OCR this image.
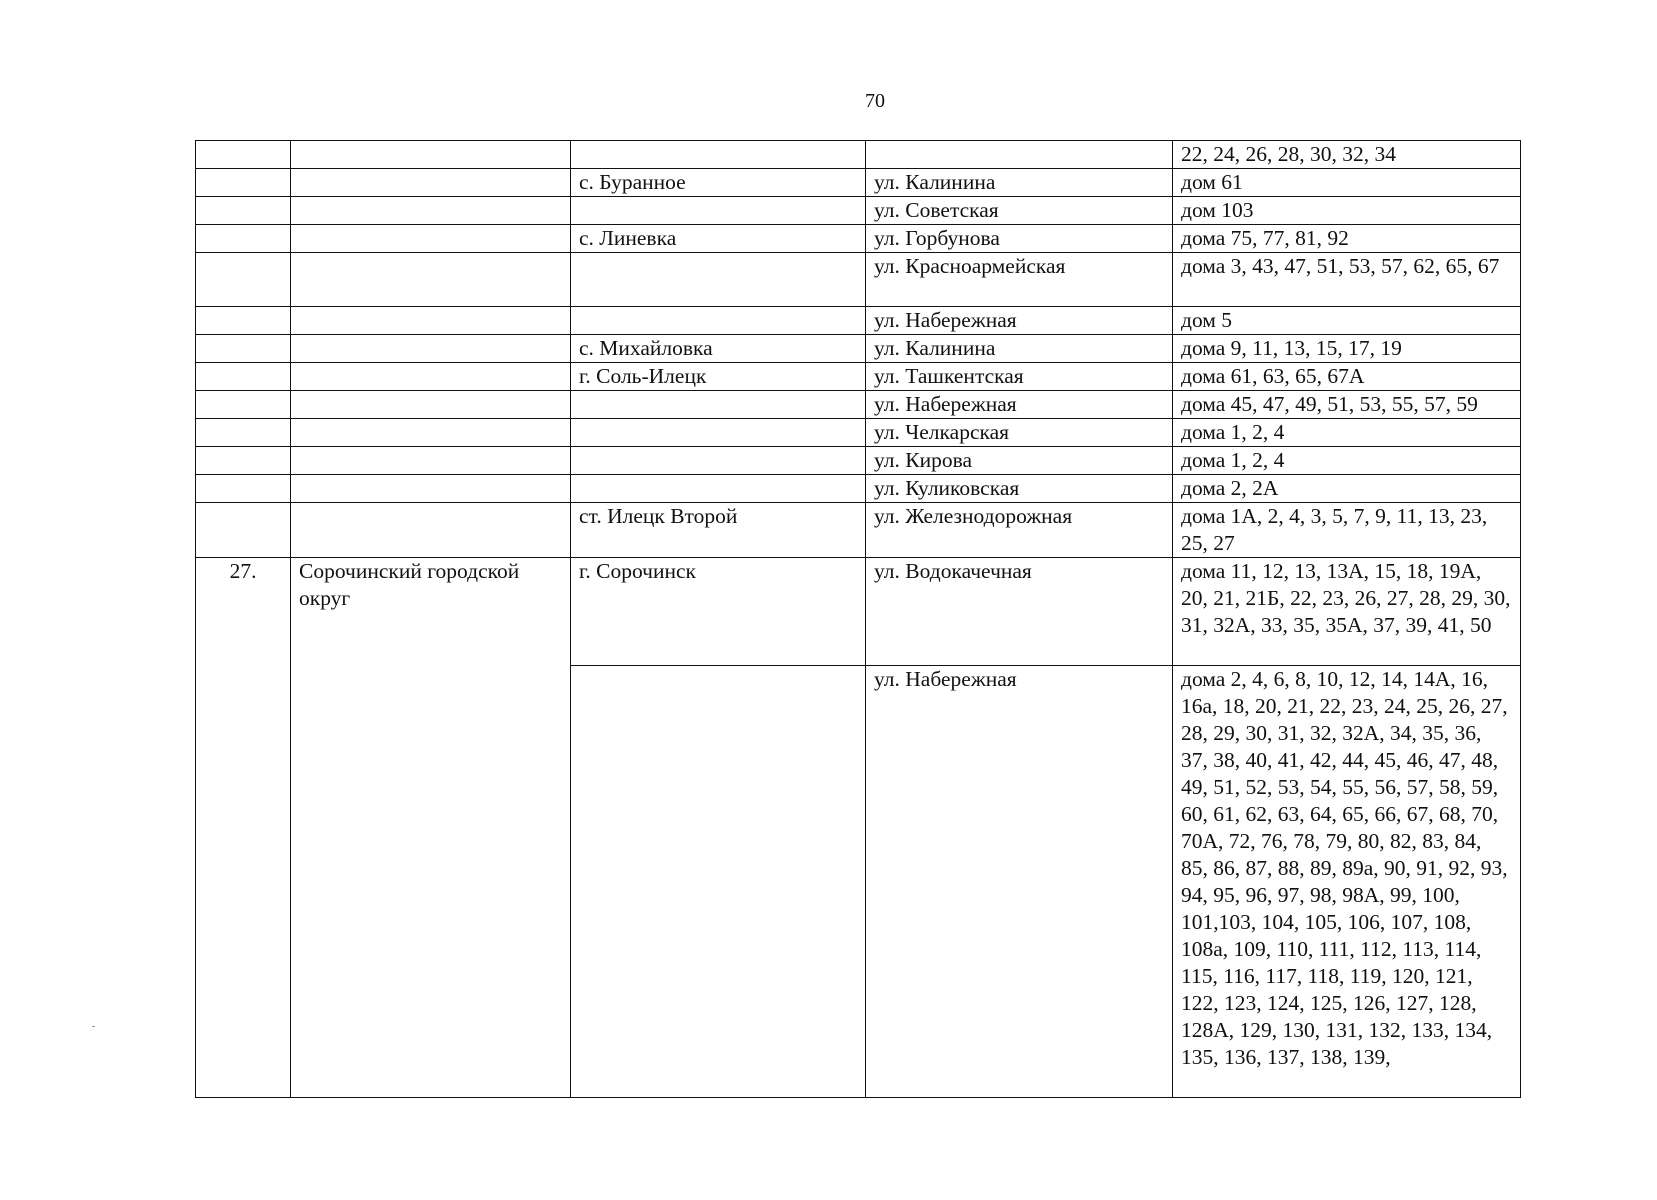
70
				22, 24, 26, 28, 30, 32, 34
		с. Буранное	ул. Калинина	дом 61
			ул. Советская	дом 103
		с. Линевка	ул. Горбунова	дома 75, 77, 81, 92
			ул. Красноармейская	дома 3, 43, 47, 51, 53, 57, 62, 65, 67
			ул. Набережная	дом 5
		с. Михайловка	ул. Калинина	дома 9, 11, 13, 15, 17, 19
		г. Соль-Илецк	ул. Ташкентская	дома 61, 63, 65, 67А
			ул. Набережная	дома 45, 47, 49, 51, 53, 55, 57, 59
			ул. Челкарская	дома 1, 2, 4
			ул. Кирова	дома 1, 2, 4
			ул. Куликовская	дома 2, 2А
		ст. Илецк Второй	ул. Железнодорожная	дома 1А, 2, 4, 3, 5, 7, 9, 11, 13, 23, 25, 27
27.	Сорочинский городской округ	г. Сорочинск	ул. Водокачечная	дома 11, 12, 13, 13А, 15, 18, 19А, 20, 21, 21Б, 22, 23, 26, 27, 28, 29, 30, 31, 32А, 33, 35, 35А, 37, 39, 41, 50
			ул. Набережная	дома 2, 4, 6, 8, 10, 12, 14, 14А, 16, 16а, 18, 20, 21, 22, 23, 24, 25, 26, 27, 28, 29, 30, 31, 32, 32А, 34, 35, 36, 37, 38, 40, 41, 42, 44, 45, 46, 47, 48, 49, 51, 52, 53, 54, 55, 56, 57, 58, 59, 60, 61, 62, 63, 64, 65, 66, 67, 68, 70, 70А, 72, 76, 78, 79, 80, 82, 83, 84, 85, 86, 87, 88, 89, 89а, 90, 91, 92, 93, 94, 95, 96, 97, 98, 98А, 99, 100, 101,103, 104, 105, 106, 107, 108, 108а, 109, 110, 111, 112, 113, 114, 115, 116, 117, 118, 119, 120, 121, 122, 123, 124, 125, 126, 127, 128, 128А, 129, 130, 131, 132, 133, 134, 135, 136, 137, 138, 139,
